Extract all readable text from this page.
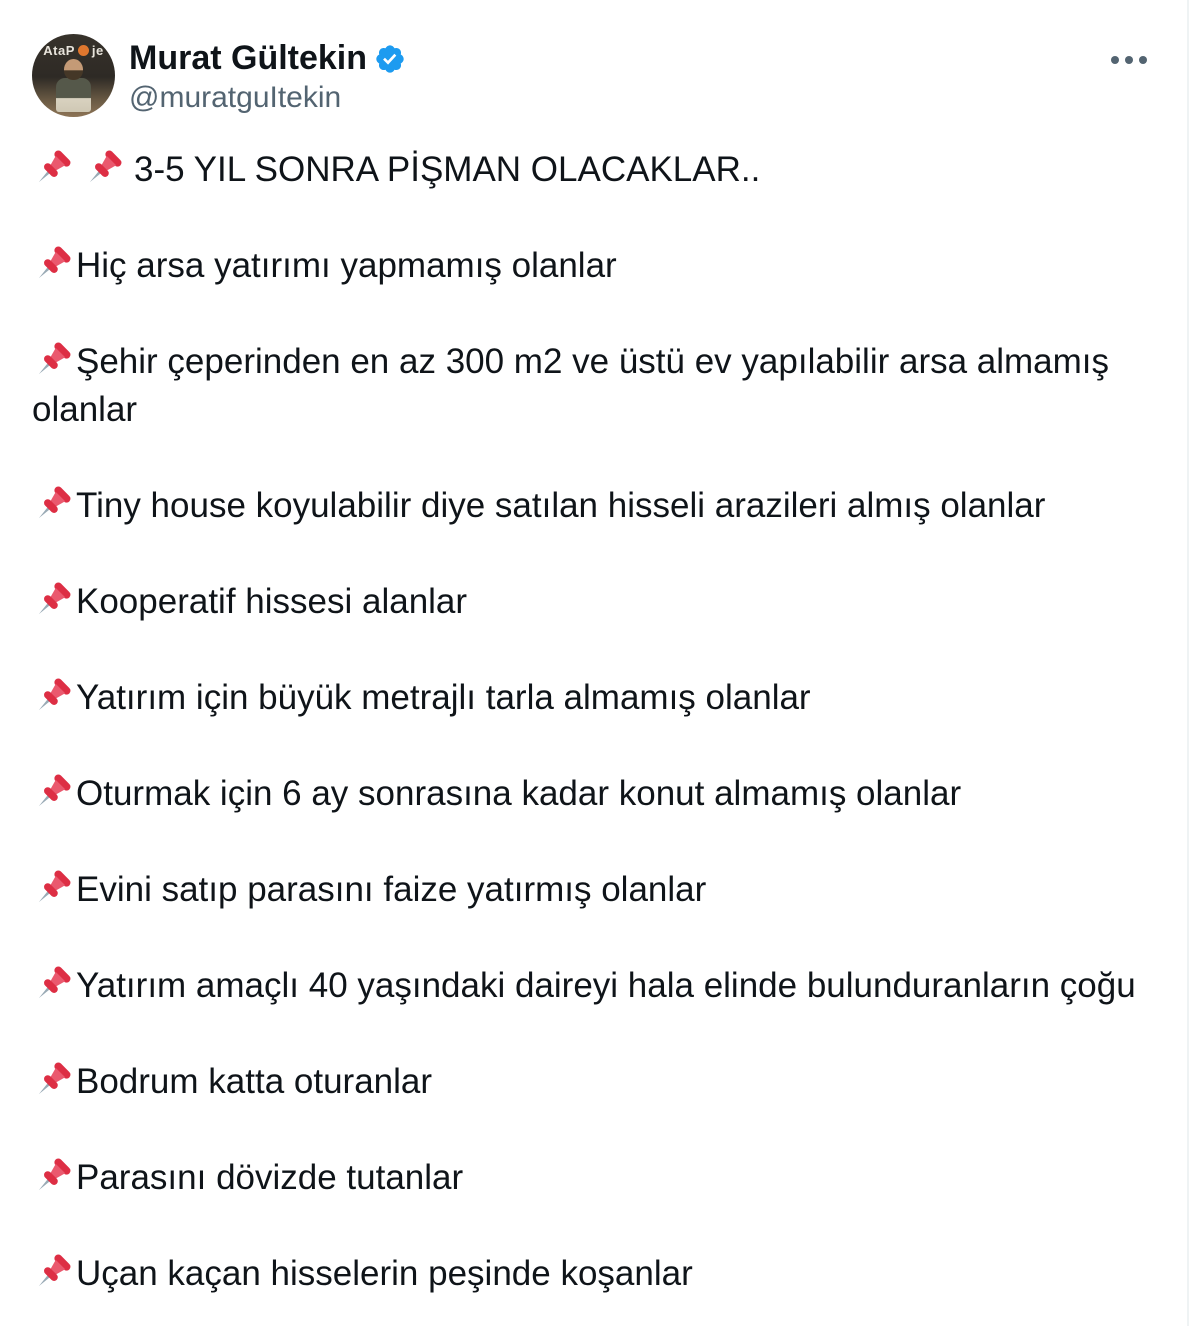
AtaP je Murat Gültekin
@muratguItekin

3-5 YIL SONRA PİŞMAN OLACAKLAR..

Hiç arsa yatırımı yapmamış olanlar

Şehir çeperinden en az 300 m2 ve üstü ev yapılabilir arsa almamış olanlar

Tiny house koyulabilir diye satılan hisseli arazileri almış olanlar

Kooperatif hissesi alanlar

Yatırım için büyük metrajlı tarla almamış olanlar

Oturmak için 6 ay sonrasına kadar konut almamış olanlar

Evini satıp parasını faize yatırmış olanlar

Yatırım amaçlı 40 yaşındaki daireyi hala elinde bulunduranların çoğu

Bodrum katta oturanlar

Parasını dövizde tutanlar

Uçan kaçan hisselerin peşinde koşanlar
